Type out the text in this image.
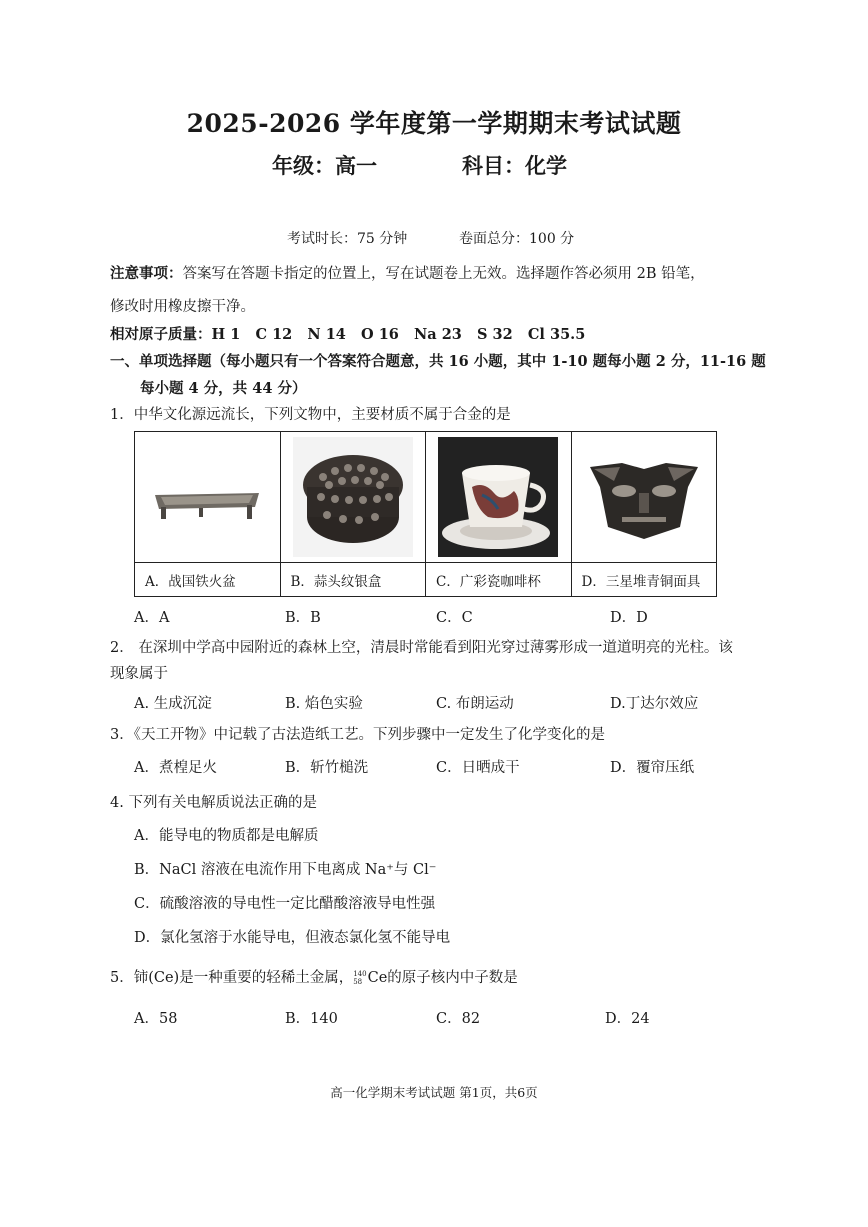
2025-2026 学年度第一学期期末考试试题
年级：高一	科目：化学
考试时长：75 分钟	卷面总分：100 分
注意事项：答案写在答题卡指定的位置上，写在试题卷上无效。选择题作答必须用 2B 铅笔，
修改时用橡皮擦干净。
相对原子质量：H 1   C 12   N 14   O 16   Na 23   S 32   Cl 35.5
一、单项选择题（每小题只有一个答案符合题意，共 16 小题，其中 1-10 题每小题 2 分，11-16 题
每小题 4 分，共 44 分）
1．中华文化源远流长，下列文物中，主要材质不属于合金的是

A．战国铁火盆	B．蒜头纹银盒	C．广彩瓷咖啡杯	D．三星堆青铜面具
A．A	B．B	C．C	D．D
2． 在深圳中学高中园附近的森林上空，清晨时常能看到阳光穿过薄雾形成一道道明亮的光柱。该
现象属于
A. 生成沉淀	B. 焰色实验	C. 布朗运动	D.丁达尔效应
3．《天工开物》中记载了古法造纸工艺。下列步骤中一定发生了化学变化的是
A．煮楻足火	B．斩竹槌洗	C．日晒成干	D．覆帘压纸
4. 下列有关电解质说法正确的是
A．能导电的物质都是电解质
B．NaCl 溶液在电流作用下电离成 Na⁺与 Cl⁻
C．硫酸溶液的导电性一定比醋酸溶液导电性强
D．氯化氢溶于水能导电，但液态氯化氢不能导电
5．铈(Ce)是一种重要的轻稀土金属， 140
58 Ce的原子核内中子数是
A．58	B．140	C．82	D．24
高一化学期末考试试题 第1页，共6页
